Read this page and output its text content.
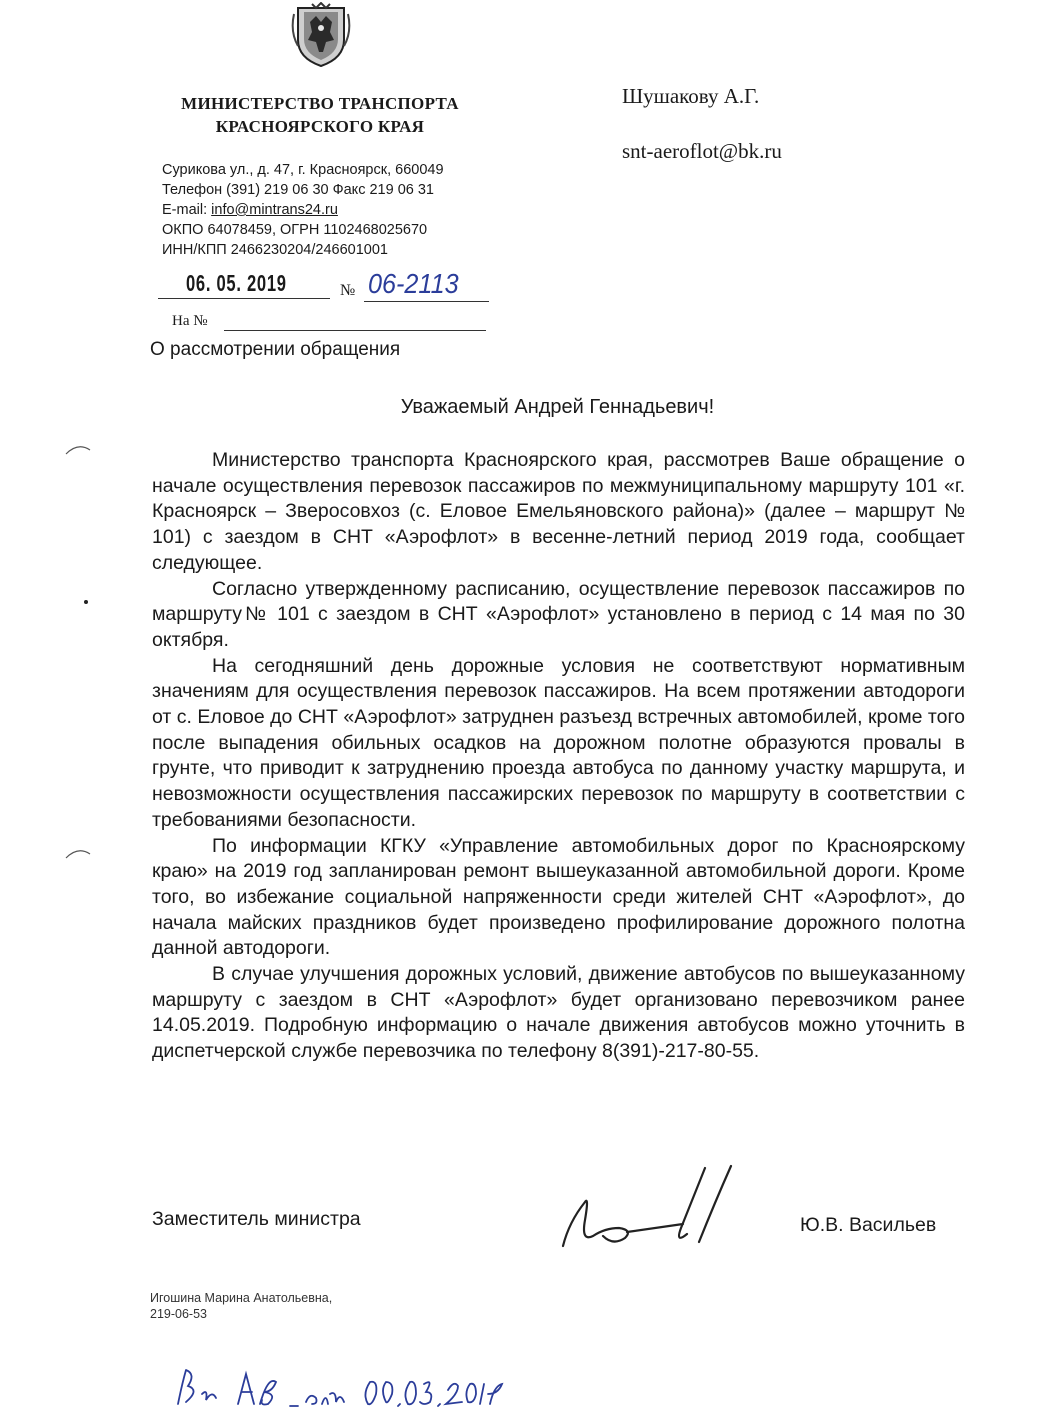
МИНИСТЕРСТВО ТРАНСПОРТА
КРАСНОЯРСКОГО КРАЯ
Сурикова ул., д. 47, г. Красноярск, 660049
Телефон (391) 219 06 30 Факс 219 06 31
E-mail: info@mintrans24.ru
ОКПО 64078459, ОГРН 1102468025670
ИНН/КПП 2466230204/246601001
Шушакову А.Г.
snt-aeroflot@bk.ru
06. 05. 2019	№ 06-2113
На №
О рассмотрении обращения
Уважаемый Андрей Геннадьевич!

Министерство транспорта Красноярского края, рассмотрев Ваше обращение о начале осуществления перевозок пассажиров по межмуниципальному маршруту 101 «г. Красноярск – Зверосовхоз (с. Еловое Емельяновского района)» (далее – маршрут № 101) с заездом в СНТ «Аэрофлот» в весенне-летний период 2019 года, сообщает следующее.

Согласно утвержденному расписанию, осуществление перевозок пассажиров по маршруту№ 101 с заездом в СНТ «Аэрофлот» установлено в период с 14 мая по 30 октября.

На сегодняшний день дорожные условия не соответствуют нормативным значениям для осуществления перевозок пассажиров. На всем протяжении автодороги от с. Еловое до СНТ «Аэрофлот» затруднен разъезд встречных автомобилей, кроме того после выпадения обильных осадков на дорожном полотне образуются провалы в грунте, что приводит к затруднению проезда автобуса по данному участку маршрута, и невозможности осуществления пассажирских перевозок по маршруту в соответствии с требованиями безопасности.

По информации КГКУ «Управление автомобильных дорог по Красноярскому краю» на 2019 год запланирован ремонт вышеуказанной автомобильной дороги. Кроме того, во избежание социальной напряженности среди жителей СНТ «Аэрофлот», до начала майских праздников будет произведено профилирование дорожного полотна данной автодороги.

В случае улучшения дорожных условий, движение автобусов по вышеуказанному маршруту с заездом в СНТ «Аэрофлот» будет организовано перевозчиком ранее 14.05.2019. Подробную информацию о начале движения автобусов можно уточнить в диспетчерской службе перевозчика по телефону 8(391)-217-80-55.

Заместитель министра	Ю.В. Васильев
Игошина Марина Анатольевна,
219-06-53
